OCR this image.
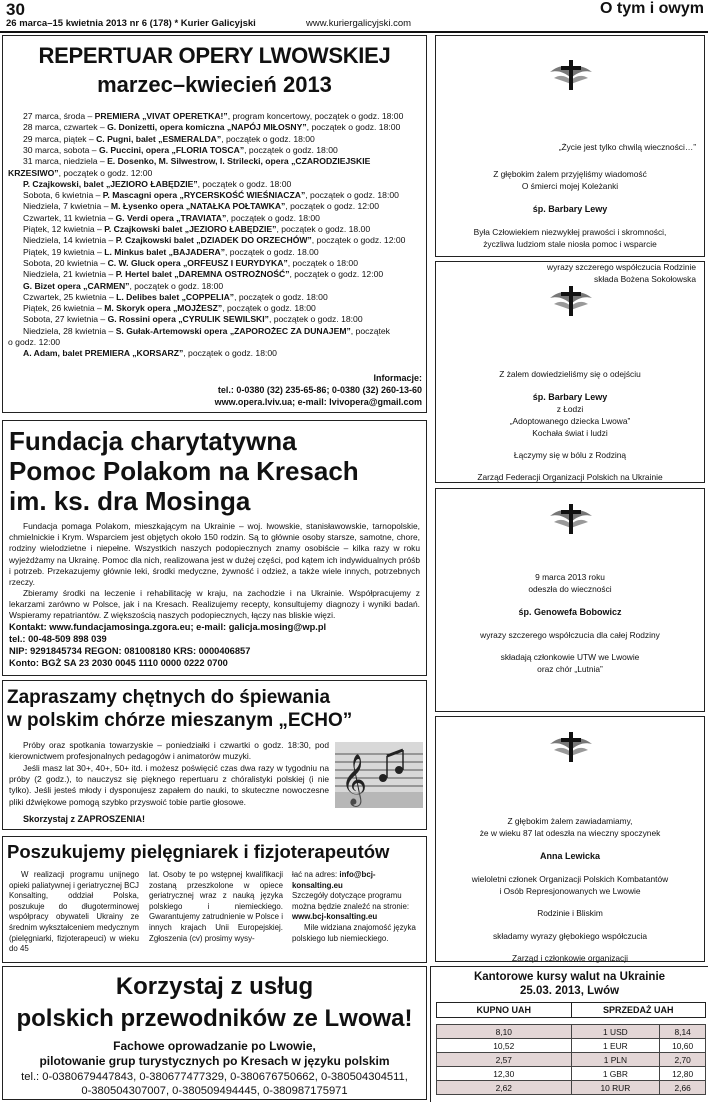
30
26 marca–15 kwietnia 2013 nr 6 (178) * Kurier Galicyjski	www.kuriergalicyjski.com
O tym i owym
REPERTUAR OPERY LWOWSKIEJ
marzec–kwiecień 2013
Informacje:
tel.: 0-0380 (32) 235-65-86; 0-0380 (32) 260-13-60
www.opera.lviv.ua; e-mail: lvivopera@gmail.com
27 marca, środa – PREMIERA „VIVAT OPERETKA!”, program koncertowy, początek o godz. 18:00
28 marca, czwartek – G. Donizetti, opera komiczna „NAPÓJ MIŁOSNY”, początek o godz. 18:00
29 marca, piątek – C. Pugni, balet „ESMERALDA”, początek o godz. 18:00
30 marca, sobota – G. Puccini, opera „FLORIA TOSCA”, początek o godz. 18:00
31 marca, niedziela – E. Dosenko, M. Silwestrow, I. Strilecki, opera „CZARODZIEJSKIE
KRZESIWO”, początek o godz. 12:00
P. Czajkowski, balet „JEZIORO ŁABĘDZIE”, początek o godz. 18:00
Sobota, 6 kwietnia – P. Mascagni opera „RYCERSKOŚĆ WIEŚNIACZA”, początek o godz. 18:00
Niedziela, 7 kwietnia – M. Łysenko opera „NATAŁKA POŁTAWKA”, początek o godz. 12:00
Czwartek, 11 kwietnia – G. Verdi opera „TRAVIATA”, początek o godz. 18:00
Piątek, 12 kwietnia – P. Czajkowski balet „JEZIORO ŁABĘDZIE”, początek o godz. 18.00
Niedziela, 14 kwietnia – P. Czajkowski balet „DZIADEK DO ORZECHÓW”, początek o godz. 12:00
Piątek, 19 kwietnia – L. Minkus balet „BAJADERA”, początek o godz. 18.00
Sobota, 20 kwietnia – C. W. Gluck opera „ORFEUSZ I EURYDYKA”, początek o 18:00
Niedziela, 21 kwietnia – P. Hertel balet „DAREMNA OSTROŻNOŚĆ”, początek o godz. 12:00
G. Bizet opera „CARMEN”, początek o godz. 18:00
Czwartek, 25 kwietnia – L. Delibes balet „COPPELIA”, początek o godz. 18:00
Piątek, 26 kwietnia – M. Skoryk opera „MOJŻESZ”, początek o godz. 18:00
Sobota, 27 kwietnia – G. Rossini opera „CYRULIK SEWILSKI”, początek o godz. 18:00
Niedziela, 28 kwietnia – S. Gułak-Artemowski opera „ZAPOROŻEC ZA DUNAJEM”, początek
o godz. 12:00
A. Adam, balet PREMIERA „KORSARZ”, początek o godz. 18:00
Fundacja charytatywna
Pomoc Polakom na Kresach
im. ks. dra Mosinga
Fundacja pomaga Polakom, mieszkającym na Ukrainie – woj. lwowskie, stanisławowskie, tarnopolskie, chmielnickie i Krym. Wsparciem jest objętych około 150 rodzin. Są to głównie osoby starsze, samotne, chore, rodziny wielodzietne i niepełne. Wszystkich naszych podopiecznych znamy osobiście – kilka razy w roku wyjeżdżamy na Ukrainę. Pomoc dla nich, realizowana jest w dużej części, pod kątem ich indywidualnych próśb i potrzeb. Przekazujemy głównie leki, środki medyczne, żywność i odzież, a także wiele innych, potrzebnych rzeczy.
Zbieramy środki na leczenie i rehabilitację w kraju, na zachodzie i na Ukrainie. Współpracujemy z lekarzami zarówno w Polsce, jak i na Kresach. Realizujemy recepty, konsultujemy diagnozy i wyniki badań. Wspieramy repatriantów. Z większością naszych podopiecznych, łączy nas bliskie więzi.
Kontakt: www.fundacjamosinga.zgora.eu; e-mail: galicja.mosing@wp.pl
tel.: 00-48-509 898 039
NIP: 9291845734 REGON: 081008180 KRS: 0000406857
Konto: BGŻ SA 23 2030 0045 1110 0000 0222 0700
Zapraszamy chętnych do śpiewania
w polskim chórze mieszanym „ECHO”
Próby oraz spotkania towarzyskie – poniedziałki i czwartki o godz. 18:30, pod kierownictwem profesjonalnych pedagogów i animatorów muzyki.
Jeśli masz lat 30+, 40+, 50+ itd. i możesz poświęcić czas dwa razy w tygodniu na próby (2 godz.), to nauczysz się pięknego repertuaru z chóralistyki polskiej (i nie tylko). Jeśli jesteś młody i dysponujesz zapałem do nauki, to skuteczne nowoczesne pliki dźwiękowe pomogą szybko przyswoić tobie partie głosowe.
Skorzystaj z ZAPROSZENIA!
𝄞
Poszukujemy pielęgniarek i fizjoterapeutów
W realizacji programu unijnego opieki paliatywnej i geriatrycznej BCJ Konsalting, oddział Polska, poszukuje do długoterminowej współpracy obywateli Ukrainy ze średnim wykształceniem medycznym (pielęgniarki, fizjoterapeuci) w wieku do 45
lat. Osoby te po wstępnej kwalifikacji zostaną przeszkolone w opiece geriatrycznej wraz z nauką języka polskiego i niemieckiego. Gwarantujemy zatrudnienie w Polsce i innych krajach Unii Europejskiej. Zgłoszenia (cv) prosimy wysy-
łać na adres: info@bcj-konsalting.eu
Szczegóły dotyczące programu można będzie znaleźć na stronie:
www.bcj-konsalting.eu
Mile widziana znajomość języka polskiego lub niemieckiego.
Korzystaj z usług
polskich przewodników ze Lwowa!
Fachowe oprowadzanie po Lwowie,
pilotowanie grup turystycznych po Kresach w języku polskim
tel.: 0-0380679447843, 0-380677477329, 0-380676750662, 0-380504304511,
0-380504307007, 0-380509494445, 0-380987175971
„Życie jest tylko chwilą wieczności…”
Z głębokim żalem przyjęliśmy wiadomość
O śmierci mojej Koleżanki
śp. Barbary Lewy
Była Człowiekiem niezwykłej prawości i skromności,
życzliwa ludziom stale niosła pomoc i wsparcie
wyrazy szczerego współczucia Rodzinie
składa Bożena Sokołowska
Z żalem dowiedzieliśmy się o odejściu
śp. Barbary Lewy
z Łodzi
„Adoptowanego dziecka Lwowa”
Kochała świat i ludzi
Łączymy się w bólu z Rodziną
Zarząd Federacji Organizacji Polskich na Ukrainie
9 marca 2013 roku
odeszła do wieczności
śp. Genowefa Bobowicz
wyrazy szczerego współczucia dla całej Rodziny
składają członkowie UTW we Lwowie
oraz chór „Lutnia”
Z głębokim żalem zawiadamiamy,
że w wieku 87 lat odeszła na wieczny spoczynek
Anna Lewicka
wieloletni członek Organizacji Polskich Kombatantów
i Osób Represjonowanych we Lwowie
Rodzinie i Bliskim
składamy wyrazy głębokiego współczucia
Zarząd i członkowie organizacji
Kantorowe kursy walut na Ukrainie
25.03. 2013, Lwów
KUPNO UAH	SPRZEDAŻ UAH	

8,10	1 USD	8,14
10,52	1 EUR	10,60
2,57	1 PLN	2,70
12,30	1 GBR	12,80
2,62	10 RUR	2,66
